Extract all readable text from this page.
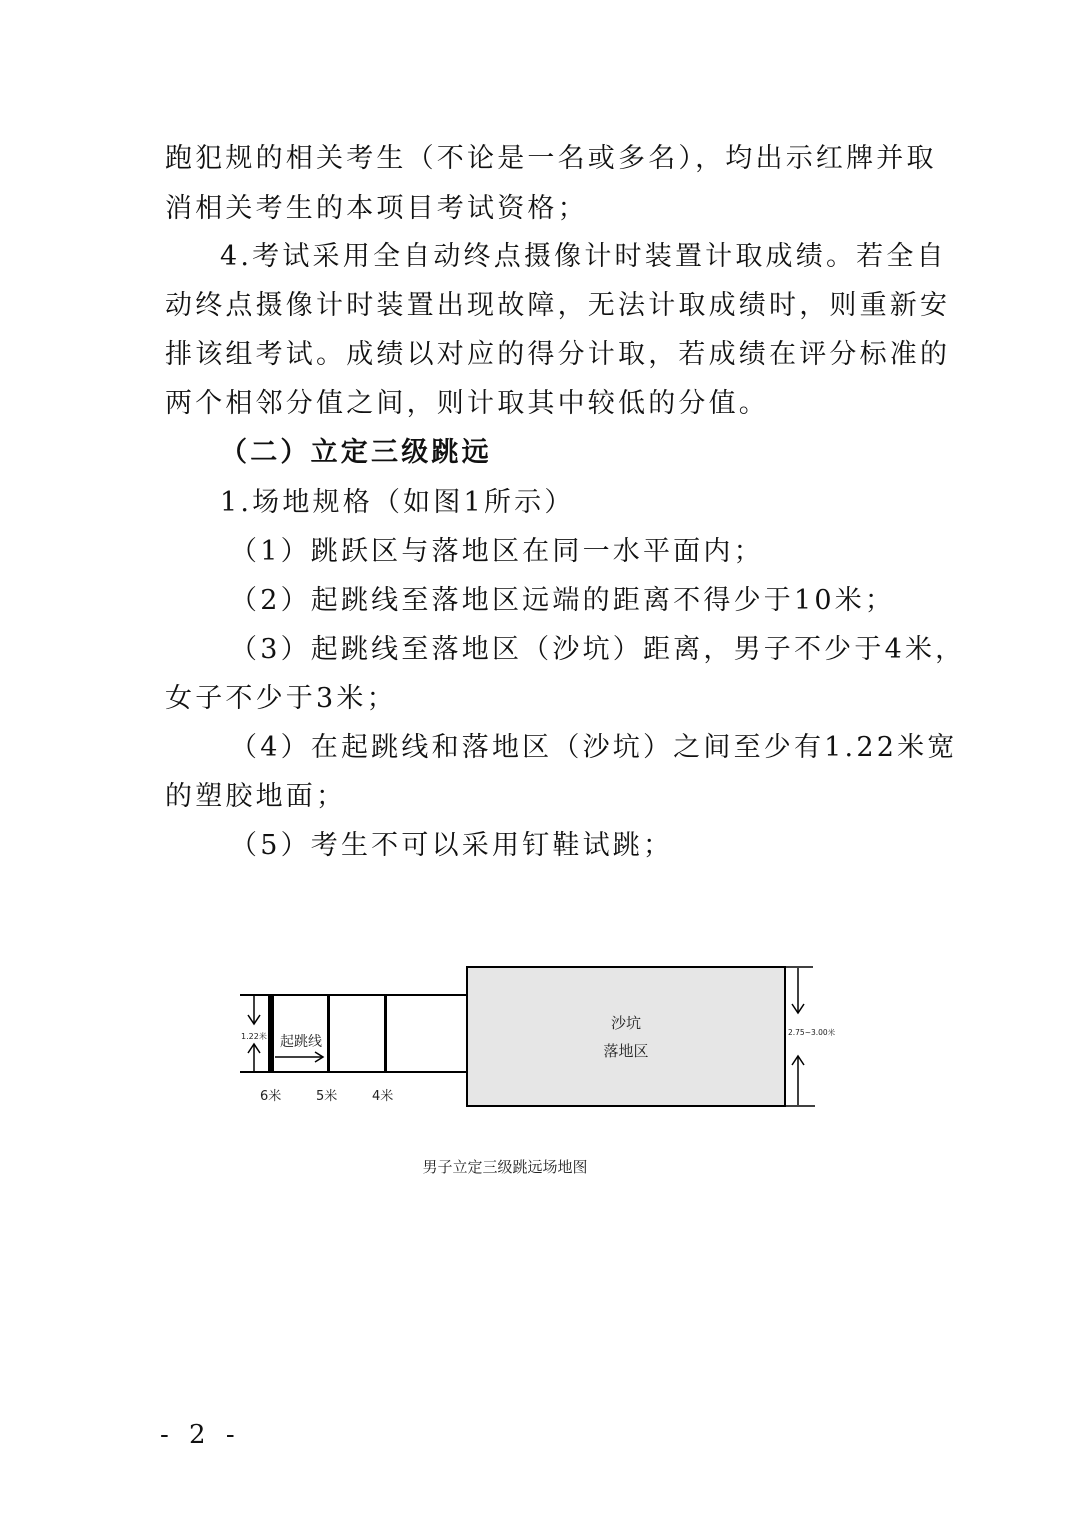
跑犯规的相关考生（不论是一名或多名），均出示红牌并取
消相关考生的本项目考试资格；
4.考试采用全自动终点摄像计时装置计取成绩。若全自
动终点摄像计时装置出现故障，无法计取成绩时，则重新安
排该组考试。成绩以对应的得分计取，若成绩在评分标准的
两个相邻分值之间，则计取其中较低的分值。
（二）立定三级跳远
1.场地规格（如图1所示）
（1）跳跃区与落地区在同一水平面内；
（2）起跳线至落地区远端的距离不得少于10米；
（3）起跳线至落地区（沙坑）距离，男子不少于4米，
女子不少于3米；
（4）在起跳线和落地区（沙坑）之间至少有1.22米宽
的塑胶地面；
（5）考生不可以采用钉鞋试跳；
1.22米 起跳线
6米	5米	4米
沙坑
落地区
2.75~3.00米
男子立定三级跳远场地图
- 2 -
